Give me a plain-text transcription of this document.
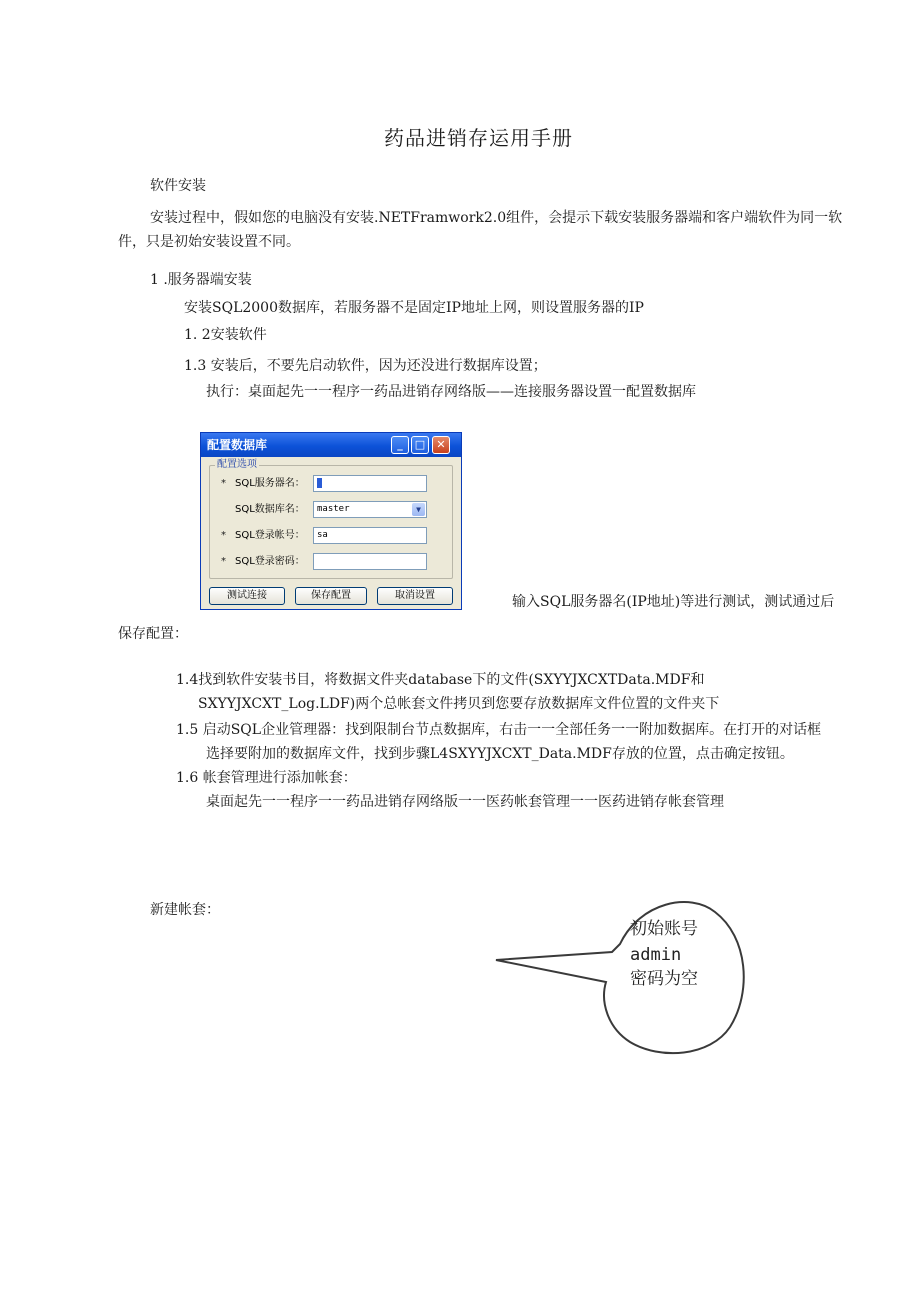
药品进销存运用手册
软件安装
安装过程中，假如您的电脑没有安装.NETFramwork2.0组件，会提示下载安装服务器端和客户端软件为同一软
件，只是初始安装设置不同。
1 .服务器端安装
安装SQL2000数据库，若服务器不是固定IP地址上网，则设置服务器的IP
1. 2安装软件
1.3 安装后，不要先启动软件，因为还没进行数据库设置；
执行：桌面起先一一程序一药品进销存网络版——连接服务器设置一配置数据库
配置数据库	_	□	✕
配置选项
* SQL服务器名：
SQL数据库名：	master	▼
* SQL登录帐号：	sa
* SQL登录密码：
测试连接	保存配置	取消设置	输入SQL服务器名(IP地址)等进行测试，测试通过后
保存配置：
1.4找到软件安装书目，将数据文件夹database下的文件(SXYYJXCXTData.MDF和
SXYYJXCXT_Log.LDF)两个总帐套文件拷贝到您要存放数据库文件位置的文件夹下
1.5 启动SQL企业管理器：找到限制台节点数据库，右击一一全部任务一一附加数据库。在打开的对话框
选择要附加的数据库文件，找到步骤L4SXYYJXCXT_Data.MDF存放的位置，点击确定按钮。
1.6 帐套管理进行添加帐套：
桌面起先一一程序一一药品进销存网络版一一医药帐套管理一一医药进销存帐套管理
新建帐套：
初始账号
admin
密码为空
